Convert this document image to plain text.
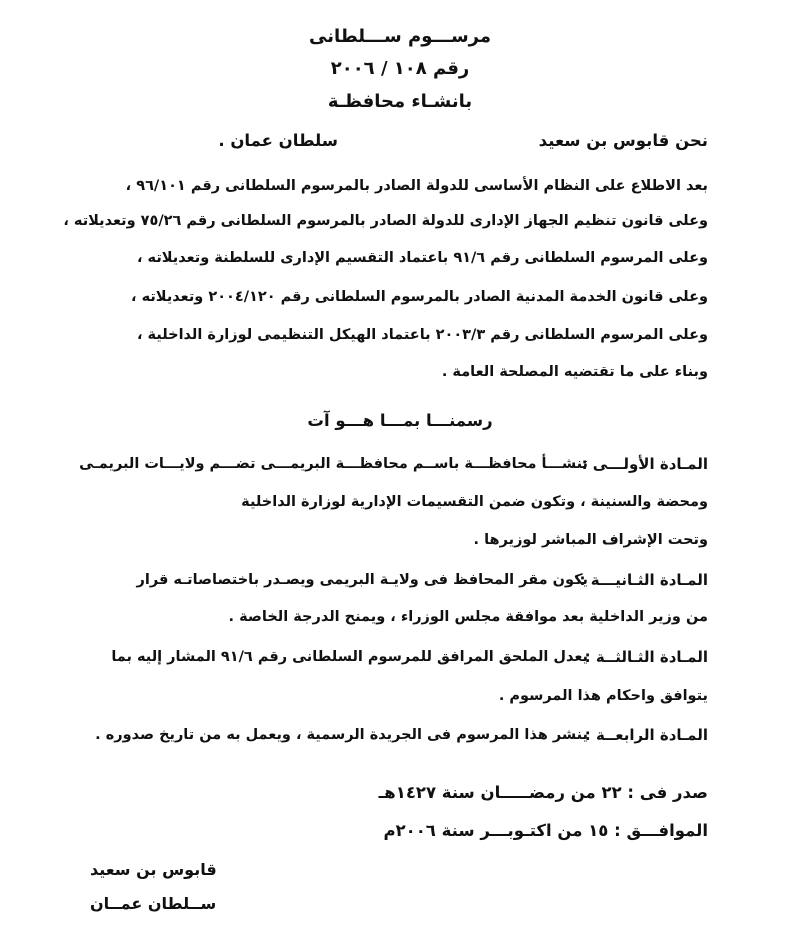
مرســـوم ســـلطانى
رقم ١٠٨ / ٢٠٠٦
بانشـاء محافظـة
نحن قابوس بن سعيد
سلطان عمان .
بعد الاطلاع على النظام الأساسى للدولة الصادر بالمرسوم السلطانى رقم ٩٦/١٠١ ،
وعلى قانون تنظيم الجهاز الإدارى للدولة الصادر بالمرسوم السلطانى رقم ٧٥/٢٦ وتعديلاته ،
وعلى المرسوم السلطانى رقم ٩١/٦ باعتماد التقسيم الإدارى للسلطنة وتعديلاته ،
وعلى قانون الخدمة المدنية الصادر بالمرسوم السلطانى رقم ٢٠٠٤/١٢٠ وتعديلاته ،
وعلى المرسوم السلطانى رقم ٢٠٠٣/٣ باعتماد الهيكل التنظيمى لوزارة الداخلية ،
وبناء على ما تقتضيه المصلحة العامة .
رسمنـــا بمـــا هـــو آت
المـادة الأولـــى :
تنشـــأ محافظـــة باســم محافظـــة البريمـــى تضـــم ولايـــات البريمـى
ومحضة والسنينة ، وتكون ضمن التقسيمات الإدارية لوزارة الداخلية
وتحت الإشراف المباشر لوزيرها .
المـادة الثـانيـــة :
يكون مقر المحافظ فى ولايـة البريمى ويصـدر باختصاصاتـه قرار
من وزير الداخلية بعد موافقة مجلس الوزراء ، ويمنح الدرجة الخاصة .
المـادة الثـالثــة :
يعدل الملحق المرافق للمرسوم السلطانى رقم ٩١/٦ المشار إليه بما
يتوافق واحكام هذا المرسوم .
المـادة الرابعــة :
ينشر هذا المرسوم فى الجريدة الرسمية ، ويعمل به من تاريخ صدوره .
صدر فى : ٢٢ من رمضـــــان سنة ١٤٢٧هـ
الموافـــق : ١٥ من اكتـوبـــر سنة ٢٠٠٦م
قابوس بن سعيد
ســلطان عمــان
